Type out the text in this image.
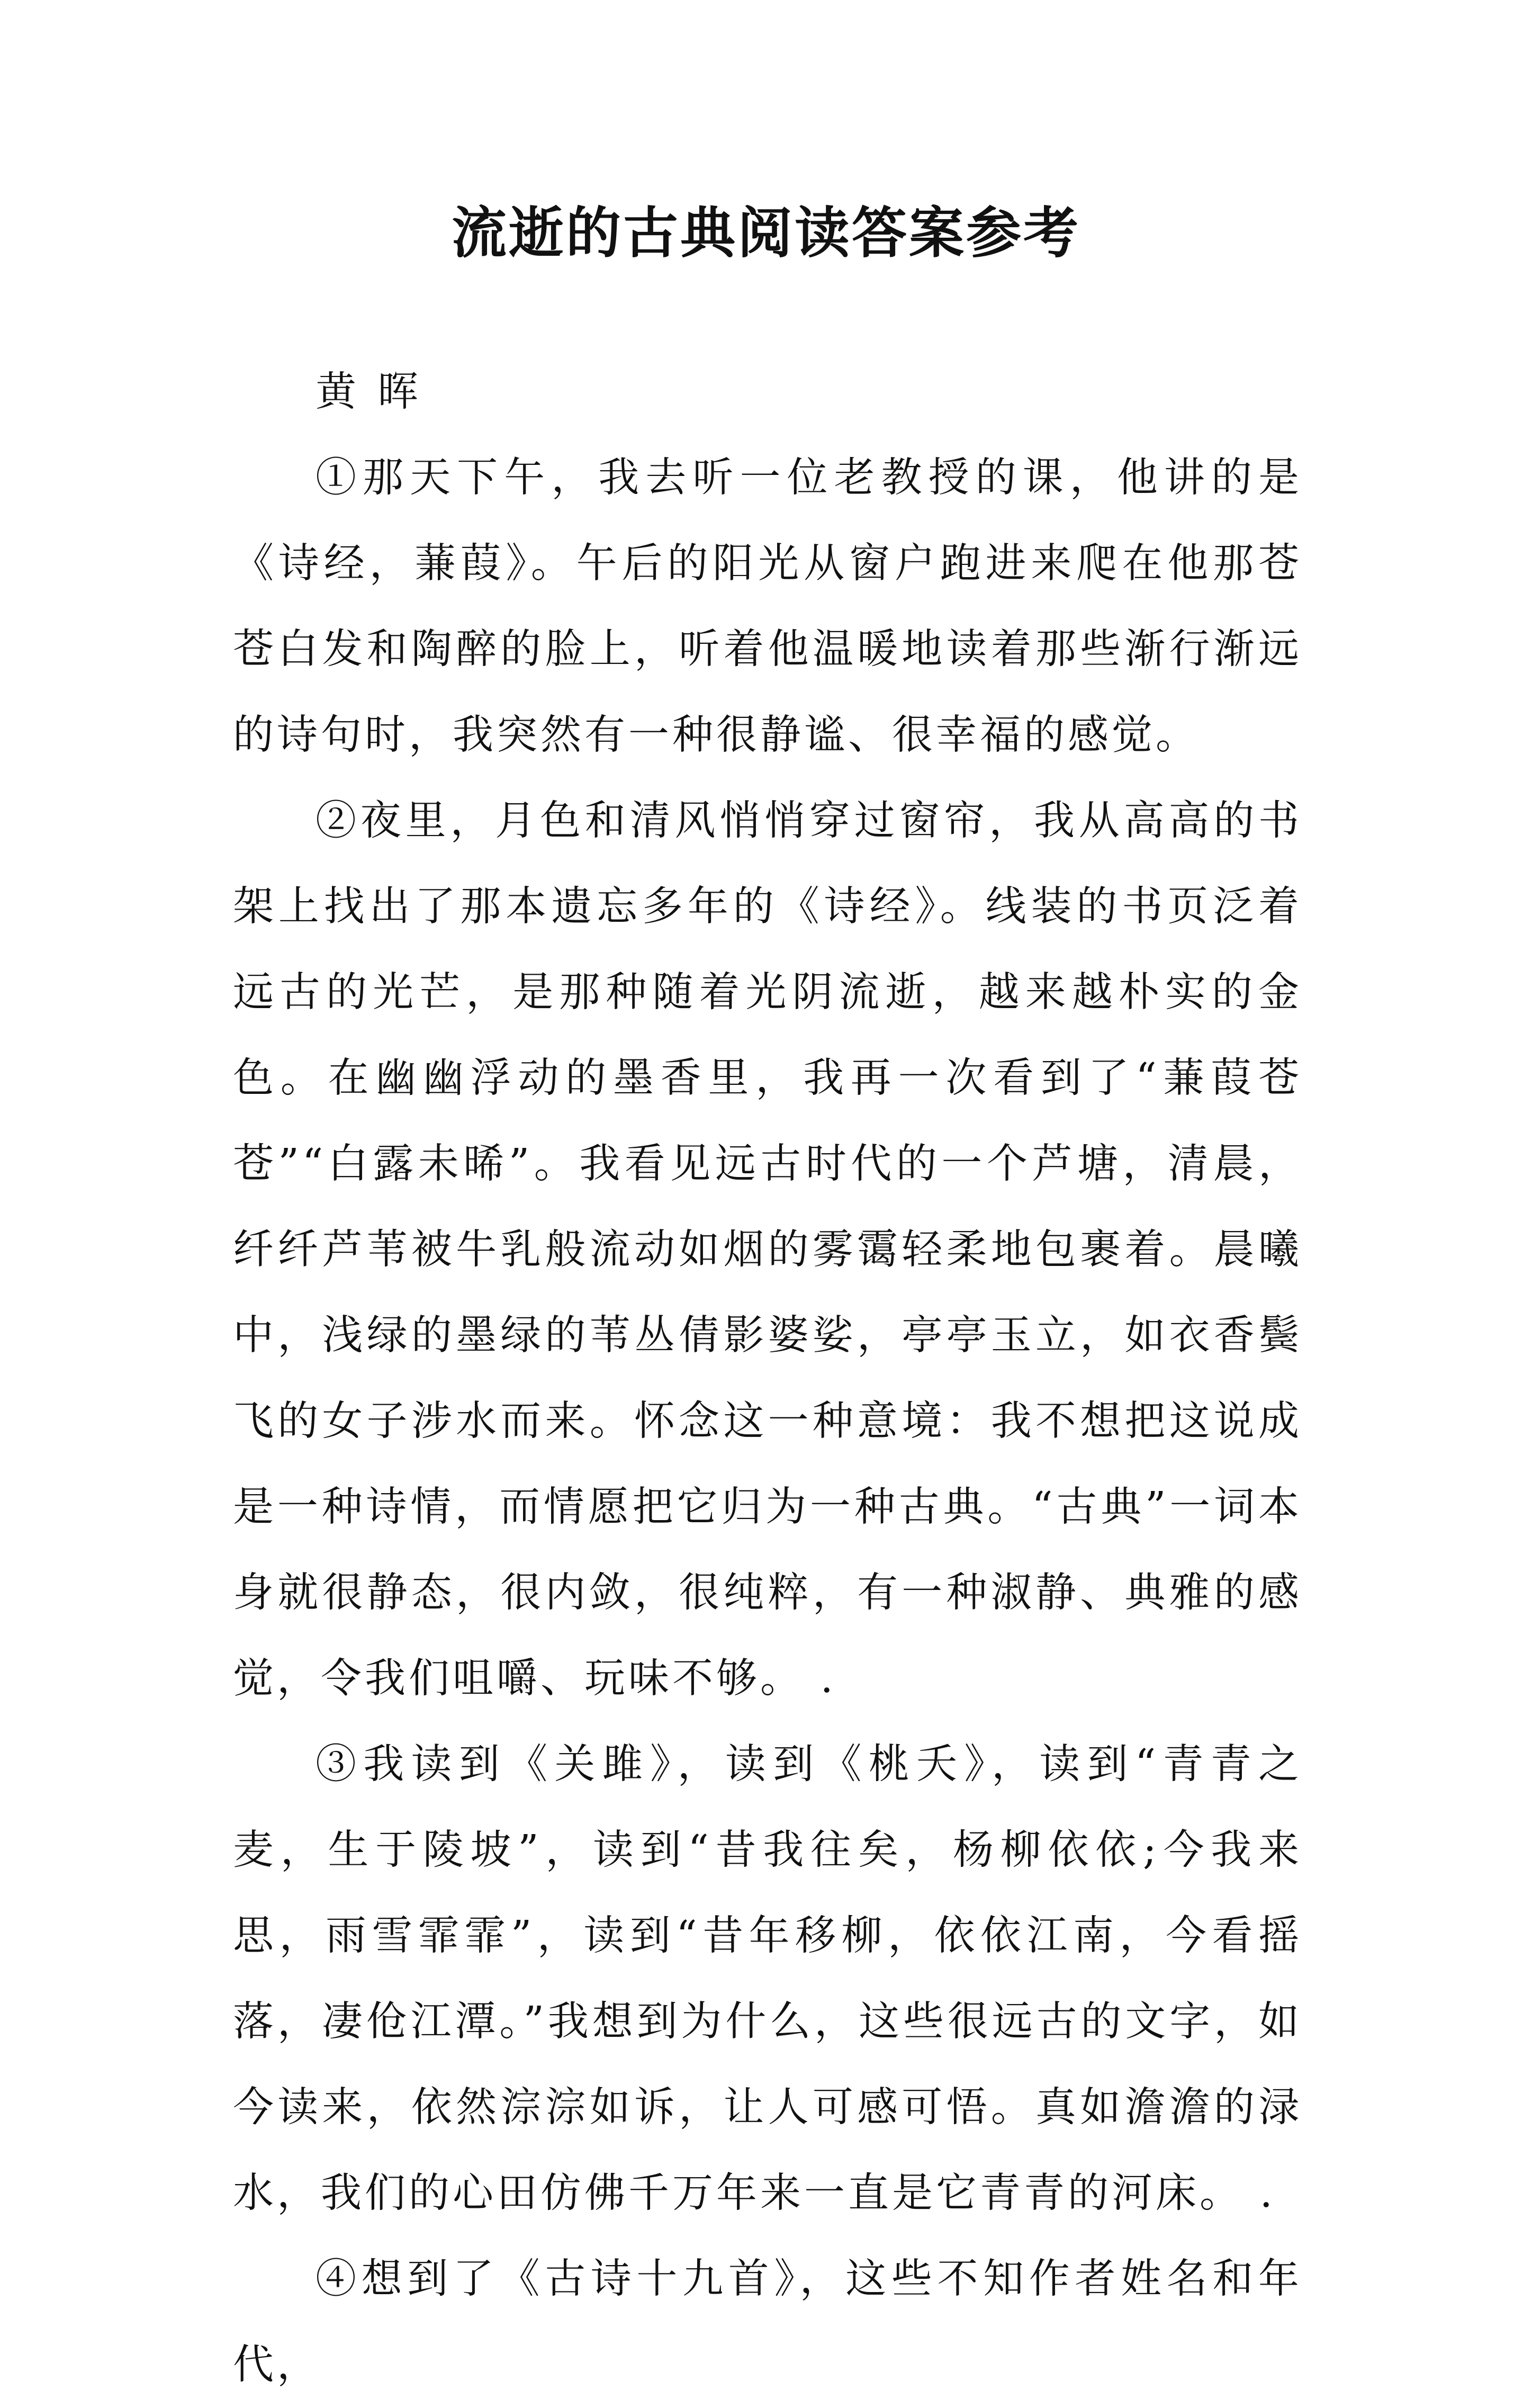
流逝的古典阅读答案参考

黄晖

①那天下午，我去听一位老教授的课，他讲的是《诗经，蒹葭》。午后的阳光从窗户跑进来爬在他那苍苍白发和陶醉的脸上，听着他温暖地读着那些渐行渐远的诗句时，我突然有一种很静谧、很幸福的感觉。

②夜里，月色和清风悄悄穿过窗帘，我从高高的书架上找出了那本遗忘多年的《诗经》。线装的书页泛着远古的光芒，是那种随着光阴流逝，越来越朴实的金色。在幽幽浮动的墨香里，我再一次看到了“蒹葭苍苍”“白露未晞”。我看见远古时代的一个芦塘，清晨，纤纤芦苇被牛乳般流动如烟的雾霭轻柔地包裹着。晨曦中，浅绿的墨绿的苇丛倩影婆娑，亭亭玉立，如衣香鬓飞的女子涉水而来。怀念这一种意境：我不想把这说成是一种诗情，而情愿把它归为一种古典。“古典”一词本身就很静态，很内敛，很纯粹，有一种淑静、典雅的感觉，令我们咀嚼、玩味不够。 .

③我读到《关雎》，读到《桃夭》，读到“青青之麦，生于陵坡”，读到“昔我往矣，杨柳依依;今我来思，雨雪霏霏”，读到“昔年移柳，依依江南，今看摇落，凄伧江潭。”我想到为什么，这些很远古的文字，如今读来，依然淙淙如诉，让人可感可悟。真如澹澹的渌水，我们的心田仿佛千万年来一直是它青青的河床。 .

④想到了《古诗十九首》，这些不知作者姓名和年代，
